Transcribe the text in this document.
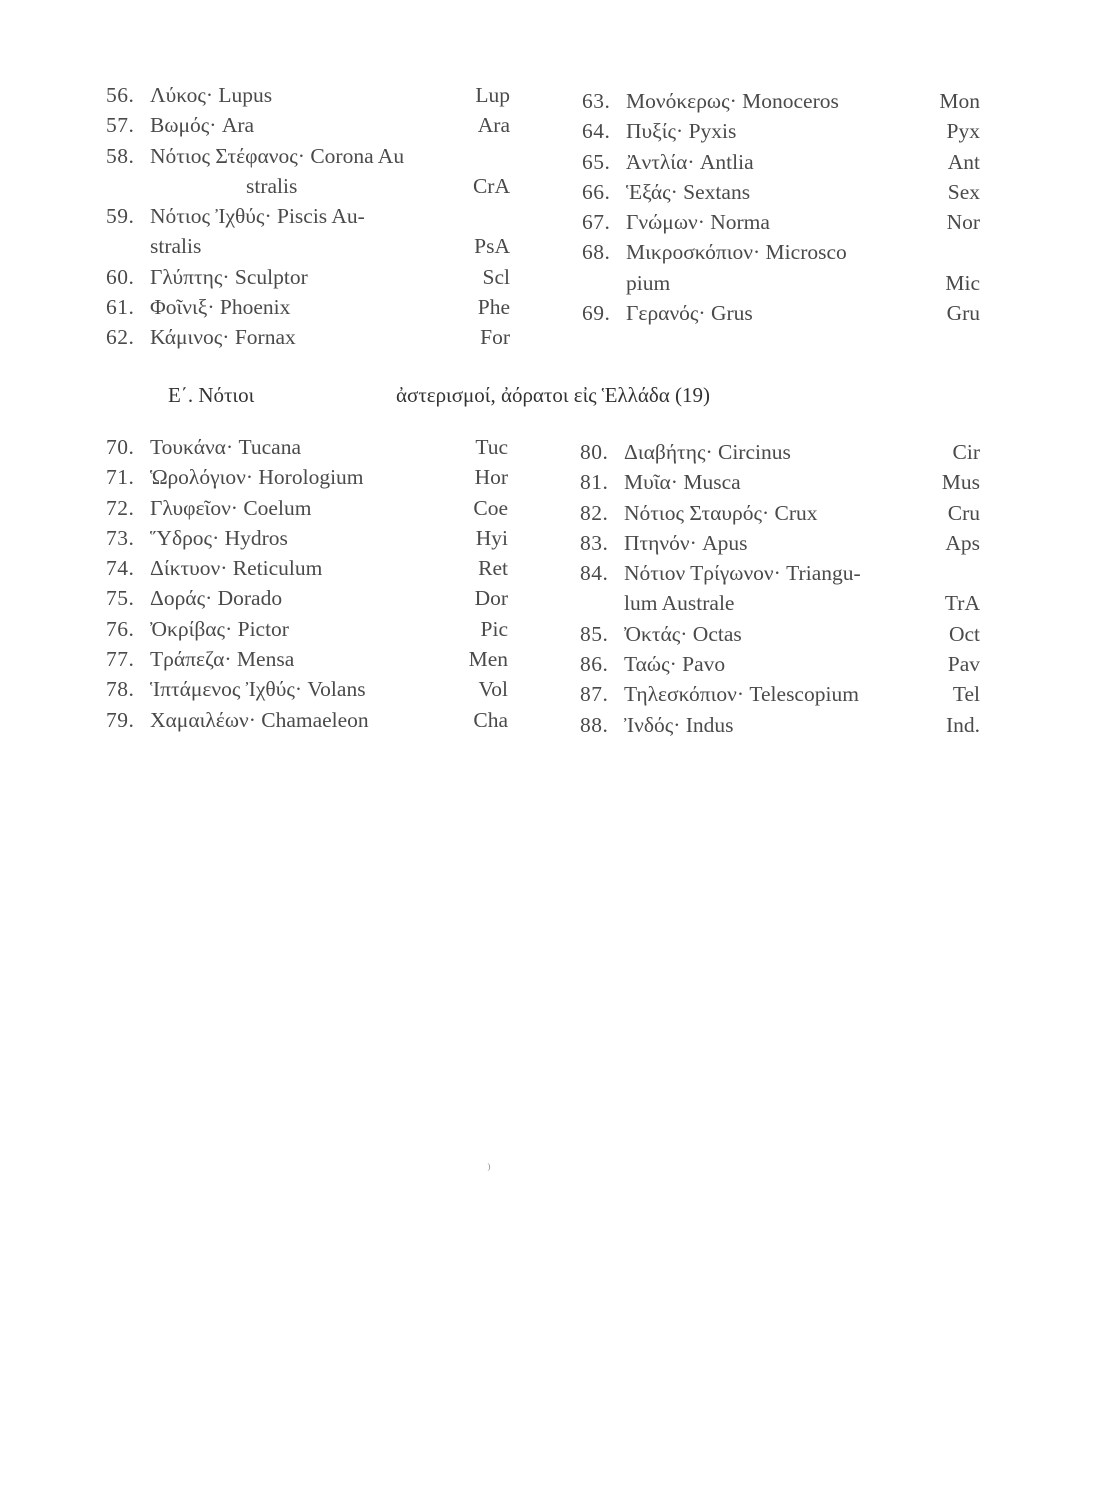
56. Λύκος· Lupus	Lup
57. Βωμός· Ara	Ara
58. Νότιος Στέφανος· Corona Au
stralis	CrA
59. Νότιος Ἰχθύς· Piscis Au-
stralis	PsA
60. Γλύπτης· Sculptor	Scl
61. Φοῖνιξ· Phoenix	Phe
62. Κάμινος· Fornax	For
63. Μονόκερως· Monoceros	Mon
64. Πυξίς· Pyxis	Pyx
65. Ἀντλία· Antlia	Ant
66. Ἑξάς· Sextans	Sex
67. Γνώμων· Norma	Nor
68. Μικροσκόπιον· Microsco
pium	Mic
69. Γερανός· Grus	Gru
Ε΄. Νότιοι	ἀστερισμοί, ἀόρατοι εἰς Ἑλλάδα (19)
70. Τουκάνα· Tucana	Tuc
71. Ὡρολόγιον· Horologium	Hor
72. Γλυφεῖον· Coelum	Coe
73. Ὕδρος· Hydros	Hyi
74. Δίκτυον· Reticulum	Ret
75. Δοράς· Dorado	Dor
76. Ὀκρίβας· Pictor	Pic
77. Τράπεζα· Mensa	Men
78. Ἱπτάμενος Ἰχθύς· Volans	Vol
79. Χαμαιλέων· Chamaeleon	Cha
80. Διαβήτης· Circinus	Cir
81. Μυῖα· Musca	Mus
82. Νότιος Σταυρός· Crux	Cru
83. Πτηνόν· Apus	Aps
84. Νότιον Τρίγωνον· Triangu-
lum Australe	TrA
85. Ὀκτάς· Octas	Oct
86. Ταώς· Pavo	Pav
87. Τηλεσκόπιον· Telescopium	Tel
88. Ἰνδός· Indus	Ind.
⁾
